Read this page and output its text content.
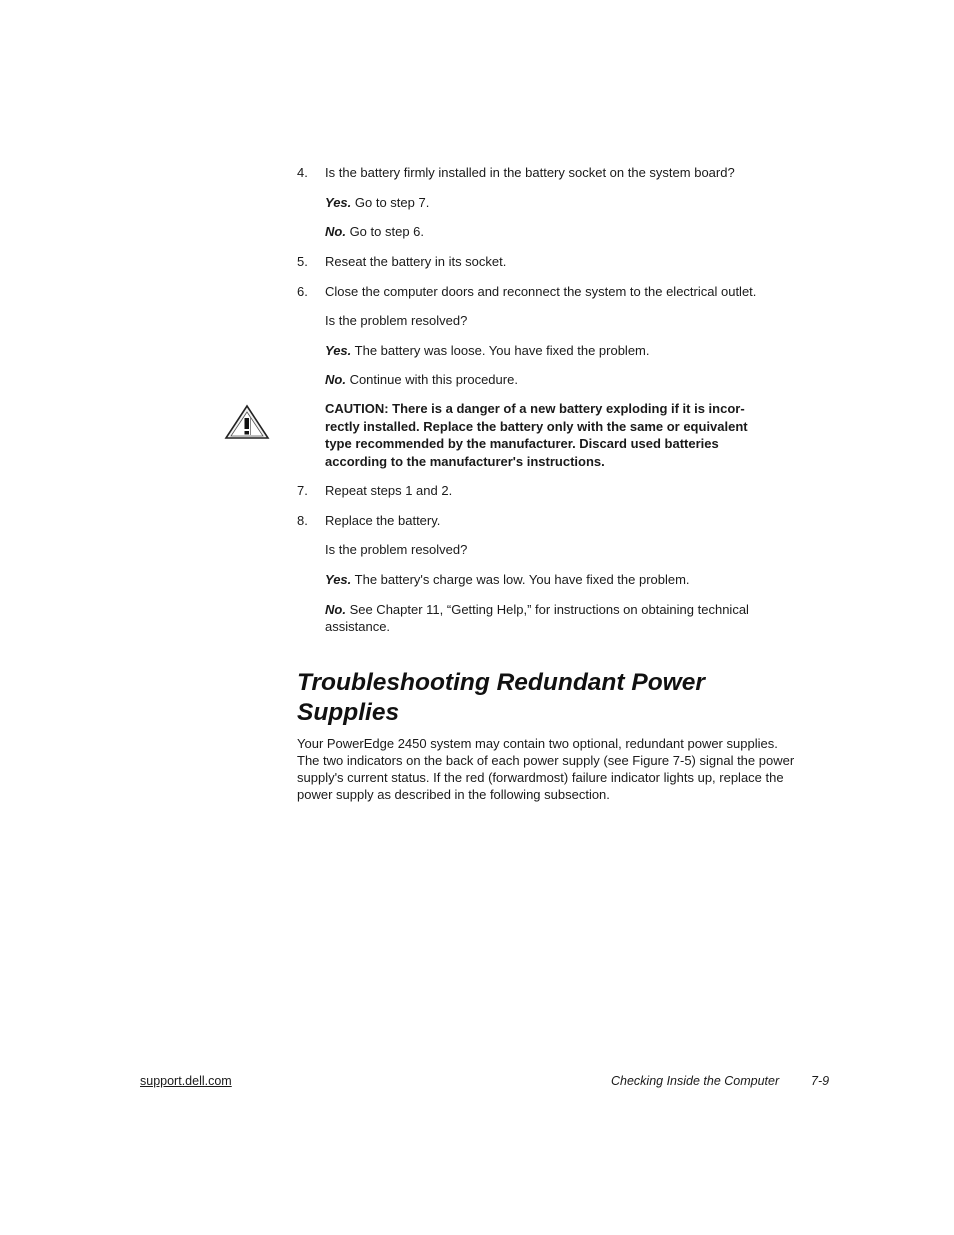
4. Is the battery firmly installed in the battery socket on the system board?
Yes. Go to step 7.
No. Go to step 6.
5. Reseat the battery in its socket.
6. Close the computer doors and reconnect the system to the electrical outlet.
Is the problem resolved?
Yes. The battery was loose. You have fixed the problem.
No. Continue with this procedure.
CAUTION: There is a danger of a new battery exploding if it is incor-
rectly installed. Replace the battery only with the same or equivalent
type recommended by the manufacturer. Discard used batteries
according to the manufacturer's instructions.
7. Repeat steps 1 and 2.
8. Replace the battery.
Is the problem resolved?
Yes. The battery's charge was low. You have fixed the problem.
No. See Chapter 11, “Getting Help,” for instructions on obtaining technical
assistance.
Troubleshooting Redundant Power
Supplies
Your PowerEdge 2450 system may contain two optional, redundant power supplies.
The two indicators on the back of each power supply (see Figure 7-5) signal the power
supply's current status. If the red (forwardmost) failure indicator lights up, replace the
power supply as described in the following subsection.
support.dell.com	Checking Inside the Computer	7-9
